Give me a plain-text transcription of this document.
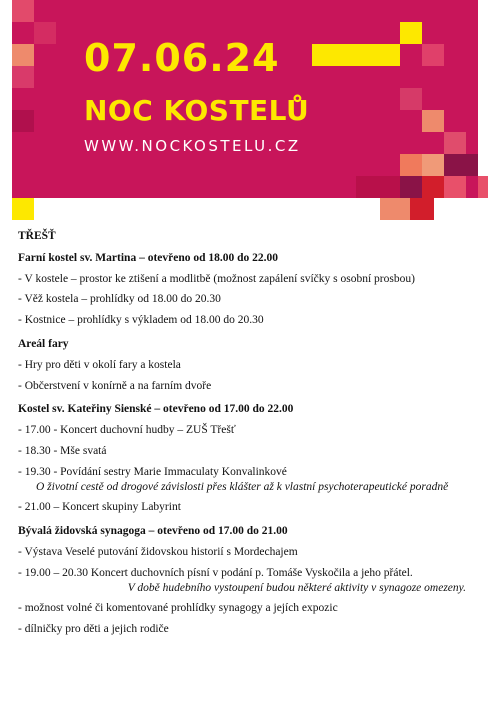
07.06.24
NOC KOSTELŮ
WWW.NOCKOSTELU.CZ
TŘEŠŤ
Farní kostel sv. Martina – otevřeno od 18.00 do 22.00
- V kostele – prostor ke ztišení a modlitbě (možnost zapálení svíčky s osobní prosbou)
- Věž kostela – prohlídky od 18.00 do 20.30
- Kostnice – prohlídky s výkladem od 18.00 do 20.30
Areál fary
- Hry pro děti v okolí fary a kostela
- Občerstvení v konírně a na farním dvoře
Kostel sv. Kateřiny Sienské – otevřeno od 17.00 do 22.00
- 17.00 - Koncert duchovní hudby – ZUŠ Třešť
- 18.30 - Mše svatá
- 19.30 - Povídání sestry Marie Immaculaty Konvalinkové
O životní cestě od drogové závislosti přes klášter až k vlastní psychoterapeutické poradně
- 21.00 – Koncert skupiny Labyrint
Bývalá židovská synagoga – otevřeno od 17.00 do 21.00
- Výstava Veselé putování židovskou historií s Mordechajem
- 19.00 – 20.30 Koncert duchovních písní v podání p. Tomáše Vyskočila a jeho přátel.
V době hudebního vystoupení budou některé aktivity v synagoze omezeny.
- možnost volné či komentované prohlídky synagogy a jejích expozic
- dílničky pro děti a jejich rodiče
